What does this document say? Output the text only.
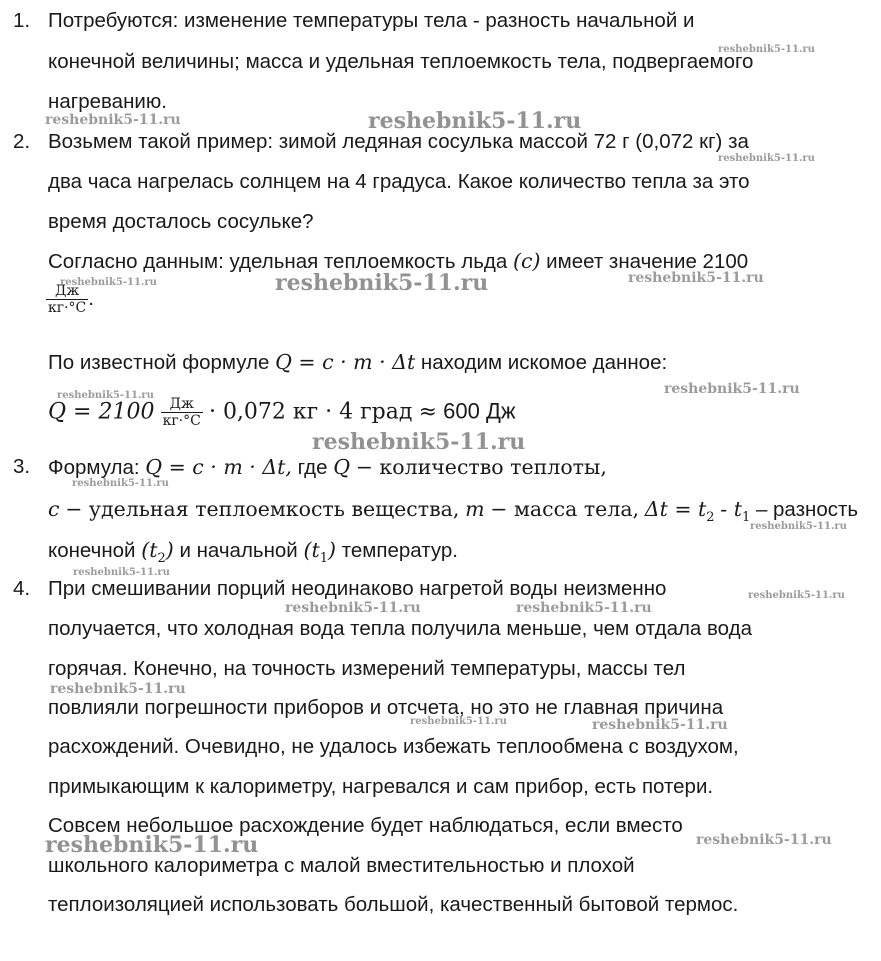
1. Потребуются: изменение температуры тела - разность начальной и
конечной величины; масса и удельная теплоемкость тела, подвергаемого
нагреванию.
2. Возьмем такой пример: зимой ледяная сосулька массой 72 г (0,072 кг) за
два часа нагрелась солнцем на 4 градуса. Какое количество тепла за это
время досталось сосульке?
Согласно данным: удельная теплоемкость льда (c) имеет значение 2100
$\frac{Дж}{кг\cdot^\circ C}$ .
По известной формуле Q = c · m · Δt находим искомое данное:
$Q = 2100 \frac{Дж}{кг\cdot^\circ C} \cdot 0,072$ кг · 4 град ≈ 600 Дж
3. Формула: Q = c · m · Δt, где Q − количество теплоты,
c − удельная теплоемкость вещества, m − масса тела, $\Delta t = t_2 - t_1$ – разность
конечной $(t_2)$ и начальной $(t_1)$ температур.
4. При смешивании порций неодинаково нагретой воды неизменно
получается, что холодная вода тепла получила меньше, чем отдала вода
горячая. Конечно, на точность измерений температуры, массы тел
повлияли погрешности приборов и отсчета, но это не главная причина
расхождений. Очевидно, не удалось избежать теплообмена с воздухом,
примыкающим к калориметру, нагревался и сам прибор, есть потери.
Совсем небольшое расхождение будет наблюдаться, если вместо
школьного калориметра с малой вместительностью и плохой
теплоизоляцией использовать большой, качественный бытовой термос.
reshebnik5-11.ru
reshebnik5-11.ru	reshebnik5-11.ru
reshebnik5-11.ru
reshebnik5-11.ru	reshebnik5-11.ru	reshebnik5-11.ru
reshebnik5-11.ru	reshebnik5-11.ru
reshebnik5-11.ru
reshebnik5-11.ru
reshebnik5-11.ru
reshebnik5-11.ru
reshebnik5-11.ru
reshebnik5-11.ru	reshebnik5-11.ru
reshebnik5-11.ru
reshebnik5-11.ru	reshebnik5-11.ru
reshebnik5-11.ru	reshebnik5-11.ru
